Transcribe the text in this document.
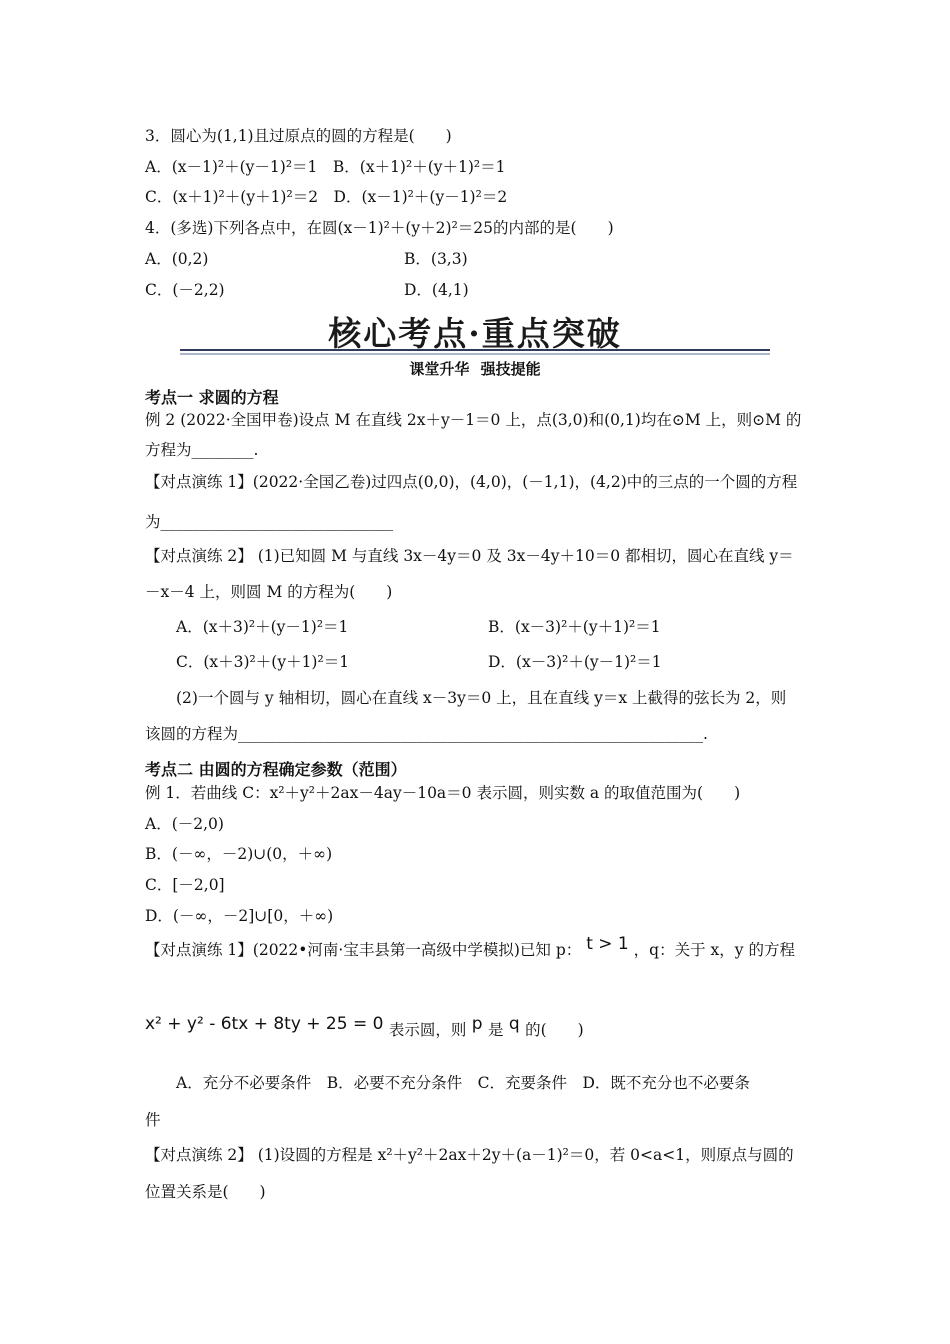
3．圆心为(1,1)且过原点的圆的方程是(　　)
A．(x－1)²＋(y－1)²＝1　B．(x＋1)²＋(y＋1)²＝1
C．(x＋1)²＋(y＋1)²＝2　D．(x－1)²＋(y－1)²＝2
4．(多选)下列各点中，在圆(x－1)²＋(y＋2)²＝25的内部的是(　　)
A．(0,2)	B．(3,3)
C．(－2,2)	D．(4,1)
核心考点·重点突破
课堂升华 强技提能
考点一 求圆的方程
例 2 (2022·全国甲卷)设点 M 在直线 2x＋y－1＝0 上，点(3,0)和(0,1)均在⊙M 上，则⊙M 的
方程为________.
【对点演练 1】(2022·全国乙卷)过四点(0,0)，(4,0)，(－1,1)，(4,2)中的三点的一个圆的方程
为______________________________
【对点演练 2】 (1)已知圆 M 与直线 3x－4y＝0 及 3x－4y＋10＝0 都相切，圆心在直线 y＝
－x－4 上，则圆 M 的方程为(　　)
A．(x＋3)²＋(y－1)²＝1	B．(x－3)²＋(y＋1)²＝1
C．(x＋3)²＋(y＋1)²＝1	D．(x－3)²＋(y－1)²＝1
(2)一个圆与 y 轴相切，圆心在直线 x－3y＝0 上，且在直线 y＝x 上截得的弦长为 2，则
该圆的方程为____________________________________________________________.
考点二 由圆的方程确定参数（范围）
例 1．若曲线 C：x²＋y²＋2ax－4ay－10a＝0 表示圆，则实数 a 的取值范围为(　　)
A．(－2,0)
B．(－∞，－2)∪(0，＋∞)
C．[－2,0]
D．(－∞，－2]∪[0，＋∞)
【对点演练 1】(2022•河南·宝丰县第一高级中学模拟)已知 p： t > 1 ，q：关于 x，y 的方程
x² + y² - 6tx + 8ty + 25 = 0 表示圆，则 p 是 q 的(　　)
A．充分不必要条件　B．必要不充分条件　C．充要条件　D．既不充分也不必要条
件
【对点演练 2】 (1)设圆的方程是 x²＋y²＋2ax＋2y＋(a－1)²＝0，若 0<a<1，则原点与圆的
位置关系是(　　)
